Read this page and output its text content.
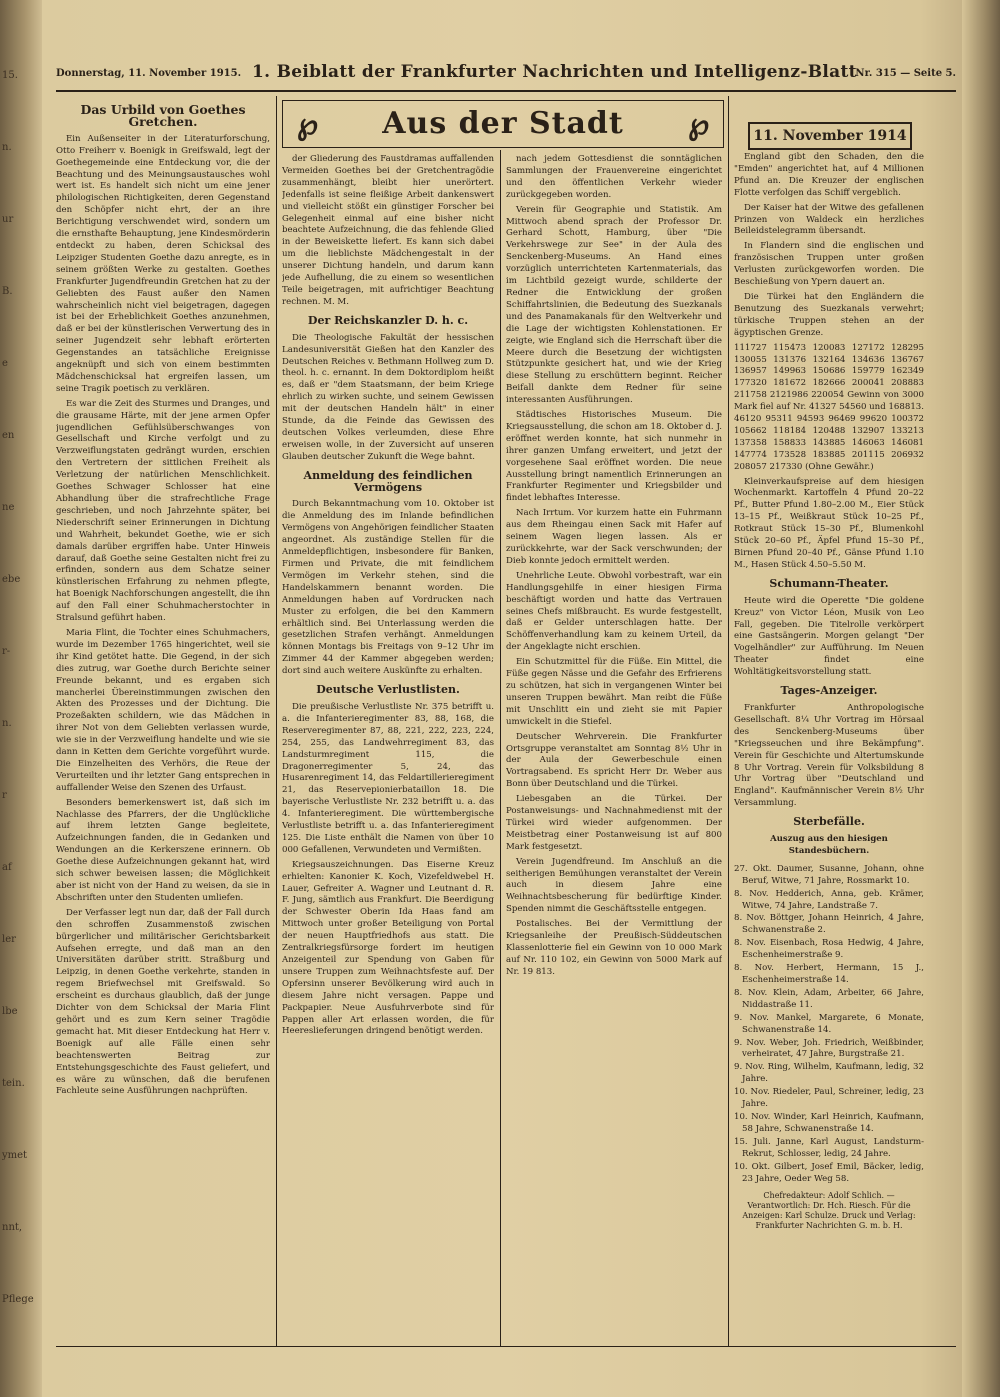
15.
n.
ur
B.
e
en
ne
ebe
r-
n.
r
af
ler
lbe
tein.
ymet
nnt,
Pflege
Donnerstag, 11. November 1915. 1. Beiblatt der Frankfurter Nachrichten und Intelligenz-Blatt
Nr. 315 — Seite 5.
℘	Aus der Stadt	℘	11. November 1914
Das Urbild von Goethes Gretchen.

Ein Außenseiter in der Literaturforschung, Otto Freiherr v. Boenigk in Greifswald, legt der Goethegemeinde eine Entdeckung vor, die der Beachtung und des Meinungsaustausches wohl wert ist. Es handelt sich nicht um eine jener philologischen Richtigkeiten, deren Gegenstand den Schöpfer nicht ehrt, der an ihre Berichtigung verschwendet wird, sondern um die ernsthafte Behauptung, jene Kindesmörderin entdeckt zu haben, deren Schicksal des Leipziger Studenten Goethe dazu anregte, es in seinem größten Werke zu gestalten. Goethes Frankfurter Jugendfreundin Gretchen hat zu der Geliebten des Faust außer den Namen wahrscheinlich nicht viel beigetragen, dagegen ist bei der Erheblichkeit Goethes anzunehmen, daß er bei der künstlerischen Verwertung des in seiner Jugendzeit sehr lebhaft erörterten Gegenstandes an tatsächliche Ereignisse angeknüpft und sich von einem bestimmten Mädchenschicksal hat ergreifen lassen, um seine Tragik poetisch zu verklären.

Es war die Zeit des Sturmes und Dranges, und die grausame Härte, mit der jene armen Opfer jugendlichen Gefühlsüberschwanges von Gesellschaft und Kirche verfolgt und zu Verzweiflungstaten gedrängt wurden, erschien den Vertretern der sittlichen Freiheit als Verletzung der natürlichen Menschlichkeit. Goethes Schwager Schlosser hat eine Abhandlung über die strafrechtliche Frage geschrieben, und noch Jahrzehnte später, bei Niederschrift seiner Erinnerungen in Dichtung und Wahrheit, bekundet Goethe, wie er sich damals darüber ergriffen habe. Unter Hinweis darauf, daß Goethe seine Gestalten nicht frei zu erfinden, sondern aus dem Schatze seiner künstlerischen Erfahrung zu nehmen pflegte, hat Boenigk Nachforschungen angestellt, die ihn auf den Fall einer Schuhmacherstochter in Stralsund geführt haben.

Maria Flint, die Tochter eines Schuhmachers, wurde im Dezember 1765 hingerichtet, weil sie ihr Kind getötet hatte. Die Gegend, in der sich dies zutrug, war Goethe durch Berichte seiner Freunde bekannt, und es ergaben sich mancherlei Übereinstimmungen zwischen den Akten des Prozesses und der Dichtung. Die Prozeßakten schildern, wie das Mädchen in ihrer Not von dem Geliebten verlassen wurde, wie sie in der Verzweiflung handelte und wie sie dann in Ketten dem Gerichte vorgeführt wurde. Die Einzelheiten des Verhörs, die Reue der Verurteilten und ihr letzter Gang entsprechen in auffallender Weise den Szenen des Urfaust.

Besonders bemerkenswert ist, daß sich im Nachlasse des Pfarrers, der die Unglückliche auf ihrem letzten Gange begleitete, Aufzeichnungen fanden, die in Gedanken und Wendungen an die Kerkerszene erinnern. Ob Goethe diese Aufzeichnungen gekannt hat, wird sich schwer beweisen lassen; die Möglichkeit aber ist nicht von der Hand zu weisen, da sie in Abschriften unter den Studenten umliefen.

Der Verfasser legt nun dar, daß der Fall durch den schroffen Zusammenstoß zwischen bürgerlicher und militärischer Gerichtsbarkeit Aufsehen erregte, und daß man an den Universitäten darüber stritt. Straßburg und Leipzig, in denen Goethe verkehrte, standen in regem Briefwechsel mit Greifswald. So erscheint es durchaus glaublich, daß der junge Dichter von dem Schicksal der Maria Flint gehört und es zum Kern seiner Tragödie gemacht hat. Mit dieser Entdeckung hat Herr v. Boenigk auf alle Fälle einen sehr beachtenswerten Beitrag zur Entstehungsgeschichte des Faust geliefert, und es wäre zu wünschen, daß die berufenen Fachleute seine Ausführungen nachprüften.

der Gliederung des Faustdramas auffallenden Vermeiden Goethes bei der Gretchentragödie zusammenhängt, bleibt hier unerörtert. Jedenfalls ist seine fleißige Arbeit dankenswert und vielleicht stößt ein günstiger Forscher bei Gelegenheit einmal auf eine bisher nicht beachtete Aufzeichnung, die das fehlende Glied in der Beweiskette liefert. Es kann sich dabei um die lieblichste Mädchengestalt in der unserer Dichtung handeln, und darum kann jede Aufhellung, die zu einem so wesentlichen Teile beigetragen, mit aufrichtiger Beachtung rechnen. M. M.

Der Reichskanzler D. h. c.

Die Theologische Fakultät der hessischen Landesuniversität Gießen hat den Kanzler des Deutschen Reiches v. Bethmann Hollweg zum D. theol. h. c. ernannt. In dem Doktordiplom heißt es, daß er "dem Staatsmann, der beim Kriege ehrlich zu wirken suchte, und seinem Gewissen mit der deutschen Handeln hält" in einer Stunde, da die Feinde das Gewissen des deutschen Volkes verleumden, diese Ehre erweisen wolle, in der Zuversicht auf unseren Glauben deutscher Zukunft die Wege bahnt.

Anmeldung des feindlichen Vermögens

Durch Bekanntmachung vom 10. Oktober ist die Anmeldung des im Inlande befindlichen Vermögens von Angehörigen feindlicher Staaten angeordnet. Als zuständige Stellen für die Anmeldepflichtigen, insbesondere für Banken, Firmen und Private, die mit feindlichem Vermögen im Verkehr stehen, sind die Handelskammern benannt worden. Die Anmeldungen haben auf Vordrucken nach Muster zu erfolgen, die bei den Kammern erhältlich sind. Bei Unterlassung werden die gesetzlichen Strafen verhängt. Anmeldungen können Montags bis Freitags von 9–12 Uhr im Zimmer 44 der Kammer abgegeben werden; dort sind auch weitere Auskünfte zu erhalten.

Deutsche Verlustlisten.

Die preußische Verlustliste Nr. 375 betrifft u. a. die Infanterieregimenter 83, 88, 168, die Reserveregimenter 87, 88, 221, 222, 223, 224, 254, 255, das Landwehrregiment 83, das Landsturmregiment 115, die Dragonerregimenter 5, 24, das Husarenregiment 14, das Feldartillerieregiment 21, das Reservepionierbataillon 18. Die bayerische Verlustliste Nr. 232 betrifft u. a. das 4. Infanterieregiment. Die württembergische Verlustliste betrifft u. a. das Infanterieregiment 125. Die Liste enthält die Namen von über 10 000 Gefallenen, Verwundeten und Vermißten.

Kriegsauszeichnungen. Das Eiserne Kreuz erhielten: Kanonier K. Koch, Vizefeldwebel H. Lauer, Gefreiter A. Wagner und Leutnant d. R. F. Jung, sämtlich aus Frankfurt. Die Beerdigung der Schwester Oberin Ida Haas fand am Mittwoch unter großer Beteiligung von Portal der neuen Hauptfriedhofs aus statt. Die Zentralkriegsfürsorge fordert im heutigen Anzeigenteil zur Spendung von Gaben für unsere Truppen zum Weihnachtsfeste auf. Der Opfersinn unserer Bevölkerung wird auch in diesem Jahre nicht versagen. Pappe und Packpapier. Neue Ausfuhrverbote sind für Pappen aller Art erlassen worden, die für Heereslieferungen dringend benötigt werden.

nach jedem Gottesdienst die sonntäglichen Sammlungen der Frauenvereine eingerichtet und den öffentlichen Verkehr wieder zurückgegeben worden.

Verein für Geographie und Statistik. Am Mittwoch abend sprach der Professor Dr. Gerhard Schott, Hamburg, über "Die Verkehrswege zur See" in der Aula des Senckenberg-Museums. An Hand eines vorzüglich unterrichteten Kartenmaterials, das im Lichtbild gezeigt wurde, schilderte der Redner die Entwicklung der großen Schiffahrtslinien, die Bedeutung des Suezkanals und des Panamakanals für den Weltverkehr und die Lage der wichtigsten Kohlenstationen. Er zeigte, wie England sich die Herrschaft über die Meere durch die Besetzung der wichtigsten Stützpunkte gesichert hat, und wie der Krieg diese Stellung zu erschüttern beginnt. Reicher Beifall dankte dem Redner für seine interessanten Ausführungen.

Städtisches Historisches Museum. Die Kriegsausstellung, die schon am 18. Oktober d. J. eröffnet werden konnte, hat sich nunmehr in ihrer ganzen Umfang erweitert, und jetzt der vorgesehene Saal eröffnet worden. Die neue Ausstellung bringt namentlich Erinnerungen an Frankfurter Regimenter und Kriegsbilder und findet lebhaftes Interesse.

Nach Irrtum. Vor kurzem hatte ein Fuhrmann aus dem Rheingau einen Sack mit Hafer auf seinem Wagen liegen lassen. Als er zurückkehrte, war der Sack verschwunden; der Dieb konnte jedoch ermittelt werden.

Unehrliche Leute. Obwohl vorbestraft, war ein Handlungsgehilfe in einer hiesigen Firma beschäftigt worden und hatte das Vertrauen seines Chefs mißbraucht. Es wurde festgestellt, daß er Gelder unterschlagen hatte. Der Schöffenverhandlung kam zu keinem Urteil, da der Angeklagte nicht erschien.

Ein Schutzmittel für die Füße. Ein Mittel, die Füße gegen Nässe und die Gefahr des Erfrierens zu schützen, hat sich in vergangenen Winter bei unseren Truppen bewährt. Man reibt die Füße mit Unschlitt ein und zieht sie mit Papier umwickelt in die Stiefel.

Deutscher Wehrverein. Die Frankfurter Ortsgruppe veranstaltet am Sonntag 8½ Uhr in der Aula der Gewerbeschule einen Vortragsabend. Es spricht Herr Dr. Weber aus Bonn über Deutschland und die Türkei.

Liebesgaben an die Türkei. Der Postanweisungs- und Nachnahmedienst mit der Türkei wird wieder aufgenommen. Der Meistbetrag einer Postanweisung ist auf 800 Mark festgesetzt.

Verein Jugendfreund. Im Anschluß an die seitherigen Bemühungen veranstaltet der Verein auch in diesem Jahre eine Weihnachtsbescherung für bedürftige Kinder. Spenden nimmt die Geschäftsstelle entgegen.

Postalisches. Bei der Vermittlung der Kriegsanleihe der Preußisch-Süddeutschen Klassenlotterie fiel ein Gewinn von 10 000 Mark auf Nr. 110 102, ein Gewinn von 5000 Mark auf Nr. 19 813.

England gibt den Schaden, den die "Emden" angerichtet hat, auf 4 Millionen Pfund an. Die Kreuzer der englischen Flotte verfolgen das Schiff vergeblich.

Der Kaiser hat der Witwe des gefallenen Prinzen von Waldeck ein herzliches Beileidstelegramm übersandt.

In Flandern sind die englischen und französischen Truppen unter großen Verlusten zurückgeworfen worden. Die Beschießung von Ypern dauert an.

Die Türkei hat den Engländern die Benutzung des Suezkanals verwehrt; türkische Truppen stehen an der ägyptischen Grenze.

111727 115473 120083 127172 128295 130055 131376 132164 134636 136767 136957 149963 150686 159779 162349 177320 181672 182666 200041 208883 211758 2121986 220054 Gewinn von 3000 Mark fiel auf Nr. 41327 54560 und 168813. 46120 95311 94593 96469 99620 100372 105662 118184 120488 132907 133213 137358 158833 143885 146063 146081 147774 173528 183885 201115 206932 208057 217330 (Ohne Gewähr.)

Kleinverkaufspreise auf dem hiesigen Wochenmarkt. Kartoffeln 4 Pfund 20–22 Pf., Butter Pfund 1.80–2.00 M., Eier Stück 13–15 Pf., Weißkraut Stück 10–25 Pf., Rotkraut Stück 15–30 Pf., Blumenkohl Stück 20–60 Pf., Äpfel Pfund 15–30 Pf., Birnen Pfund 20–40 Pf., Gänse Pfund 1.10 M., Hasen Stück 4.50–5.50 M.

Schumann-Theater.

Heute wird die Operette "Die goldene Kreuz" von Victor Léon, Musik von Leo Fall, gegeben. Die Titelrolle verkörpert eine Gastsängerin. Morgen gelangt "Der Vogelhändler" zur Aufführung. Im Neuen Theater findet eine Wohltätigkeitsvorstellung statt.

Tages-Anzeiger.

Frankfurter Anthropologische Gesellschaft. 8¼ Uhr Vortrag im Hörsaal des Senckenberg-Museums über "Kriegsseuchen und ihre Bekämpfung". Verein für Geschichte und Altertumskunde 8 Uhr Vortrag. Verein für Volksbildung 8 Uhr Vortrag über "Deutschland und England". Kaufmännischer Verein 8½ Uhr Versammlung.

Sterbefälle.
Auszug aus den hiesigen Standesbüchern.

27. Okt. Daumer, Susanne, Johann, ohne Beruf, Witwe, 71 Jahre, Rossmarkt 10.

8. Nov. Hedderich, Anna, geb. Krämer, Witwe, 74 Jahre, Landstraße 7.

8. Nov. Böttger, Johann Heinrich, 4 Jahre, Schwanenstraße 2.

8. Nov. Eisenbach, Rosa Hedwig, 4 Jahre, Eschenheimerstraße 9.

8. Nov. Herbert, Hermann, 15 J., Eschenheimerstraße 14.

8. Nov. Klein, Adam, Arbeiter, 66 Jahre, Niddastraße 11.

9. Nov. Mankel, Margarete, 6 Monate, Schwanenstraße 14.

9. Nov. Weber, Joh. Friedrich, Weißbinder, verheiratet, 47 Jahre, Burgstraße 21.

9. Nov. Ring, Wilhelm, Kaufmann, ledig, 32 Jahre.

10. Nov. Riedeler, Paul, Schreiner, ledig, 23 Jahre.

10. Nov. Winder, Karl Heinrich, Kaufmann, 58 Jahre, Schwanenstraße 14.

15. Juli. Janne, Karl August, Landsturm-Rekrut, Schlosser, ledig, 24 Jahre.

10. Okt. Gilbert, Josef Emil, Bäcker, ledig, 23 Jahre, Oeder Weg 58.

Chefredakteur: Adolf Schlich. — Verantwortlich: Dr. Hch. Riesch. Für die Anzeigen: Karl Schulze. Druck und Verlag: Frankfurter Nachrichten G. m. b. H.
